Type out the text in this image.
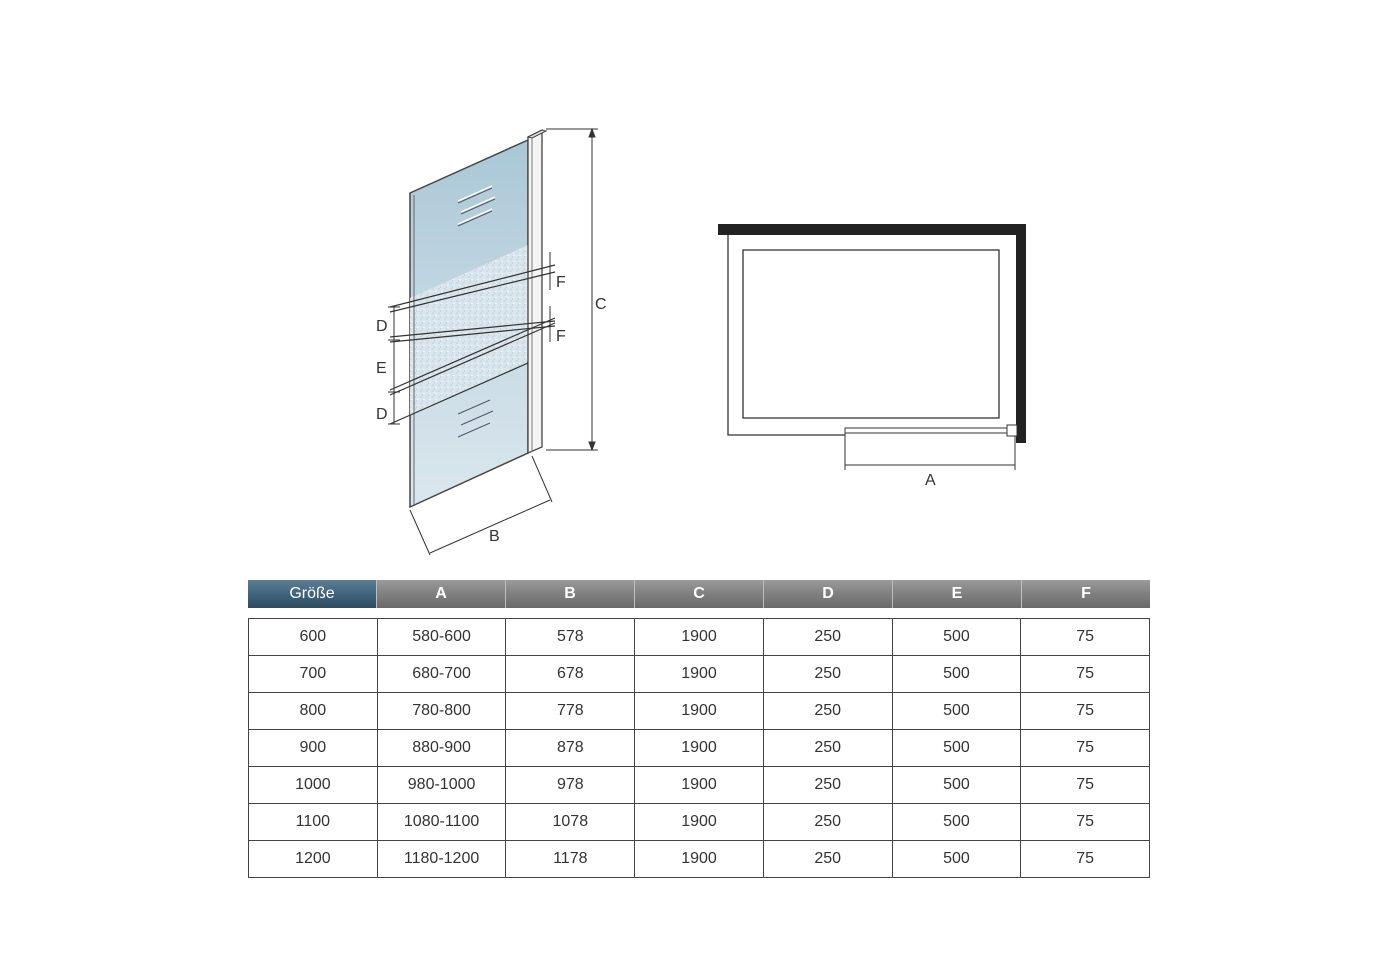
D
E
D
F
F
C
B
A
Größe	A	B	C	D	E	F
600	580-600	578	1900	250	500	75
700	680-700	678	1900	250	500	75
800	780-800	778	1900	250	500	75
900	880-900	878	1900	250	500	75
1000	980-1000	978	1900	250	500	75
1100	1080-1100	1078	1900	250	500	75
1200	1180-1200	1178	1900	250	500	75
